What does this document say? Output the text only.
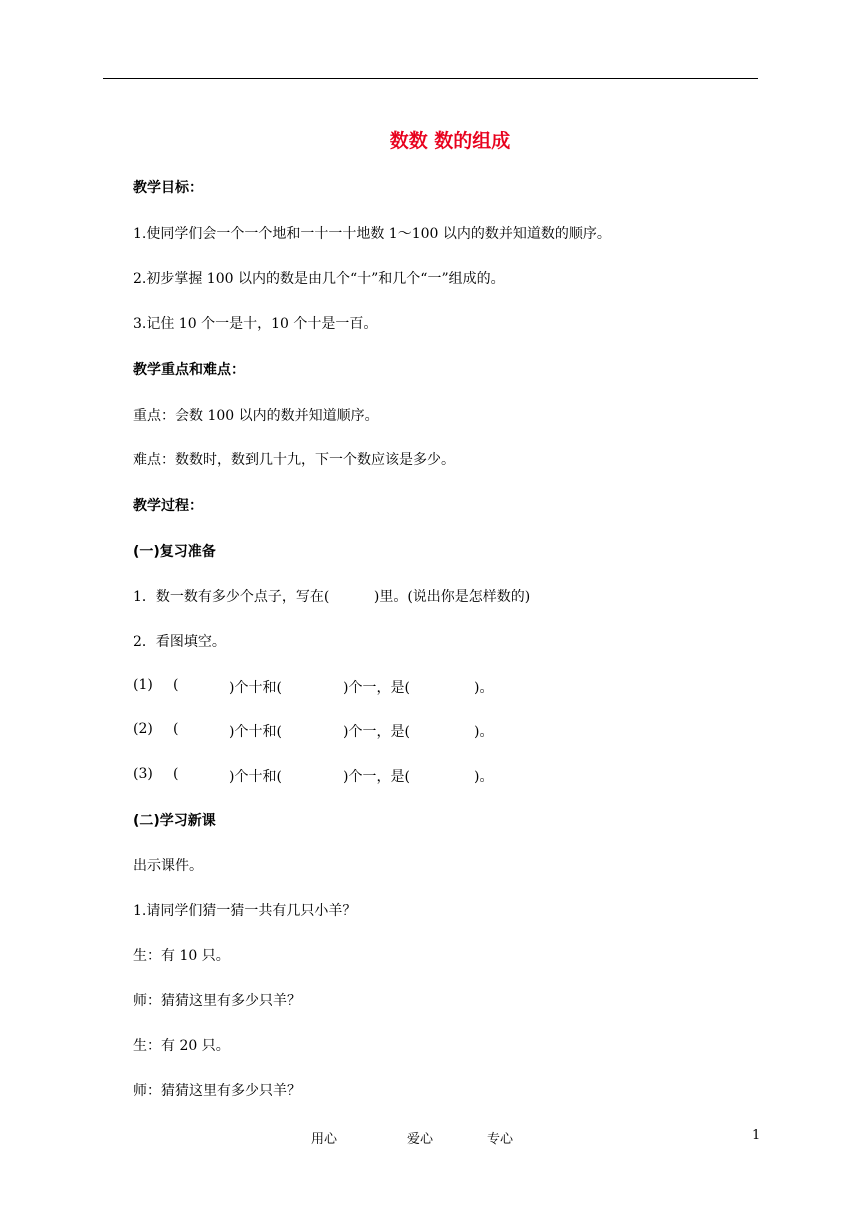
数数 数的组成
教学目标：
1.使同学们会一个一个地和一十一十地数 1～100 以内的数并知道数的顺序。
2.初步掌握 100 以内的数是由几个“十”和几个“一”组成的。
3.记住 10 个一是十，10 个十是一百。
教学重点和难点：
重点：会数 100 以内的数并知道顺序。
难点：数数时，数到几十九，下一个数应该是多少。
教学过程：
(一)复习准备
1．数一数有多少个点子，写在(          )里。(说出你是怎样数的)
2．看图填空。
(1) (	)个十和(	)个一，是(	)。
(2) (	)个十和(	)个一，是(	)。
(3) (	)个十和(	)个一，是(	)。
(二)学习新课
出示课件。
1.请同学们猜一猜一共有几只小羊？
生：有 10 只。
师：猜猜这里有多少只羊？
生：有 20 只。
师：猜猜这里有多少只羊？
用心	爱心	专心	1
